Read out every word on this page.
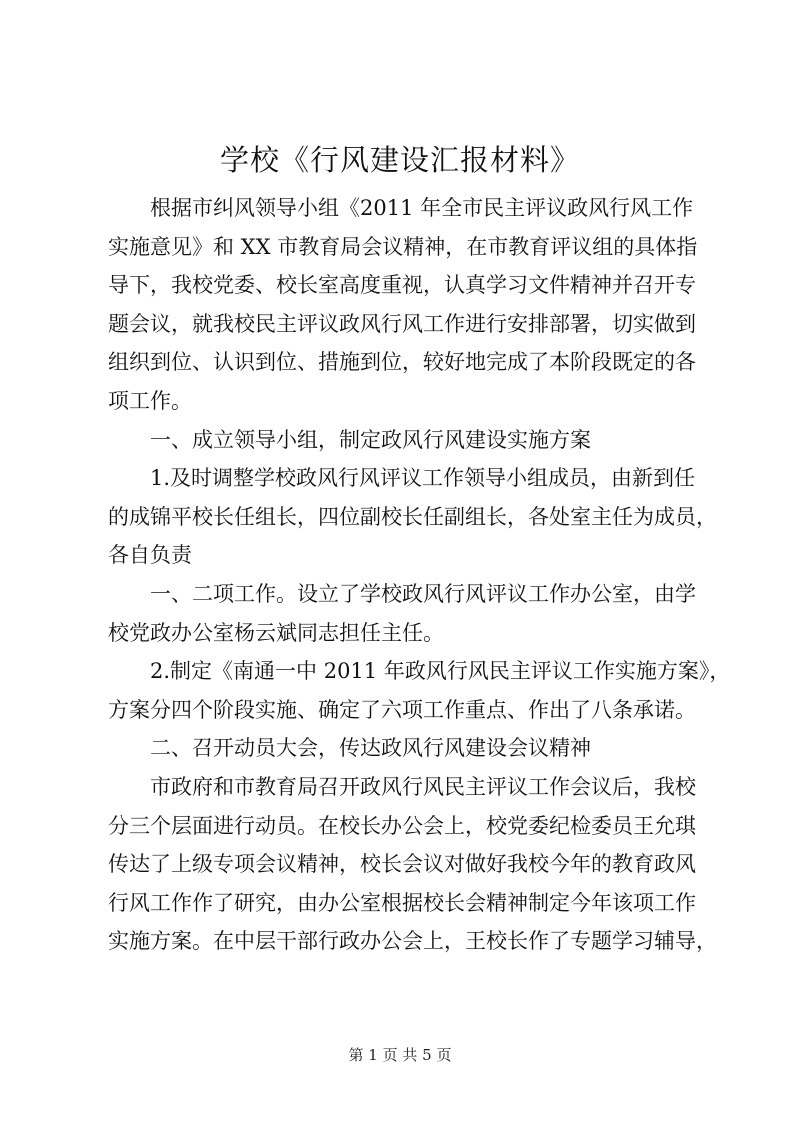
学校《行风建设汇报材料》
根据市纠风领导小组《2011 年全市民主评议政风行风工作
实施意见》和 XX 市教育局会议精神，在市教育评议组的具体指
导下，我校党委、校长室高度重视，认真学习文件精神并召开专
题会议，就我校民主评议政风行风工作进行安排部署，切实做到
组织到位、认识到位、措施到位，较好地完成了本阶段既定的各
项工作。
一、成立领导小组，制定政风行风建设实施方案
1.及时调整学校政风行风评议工作领导小组成员，由新到任
的成锦平校长任组长，四位副校长任副组长，各处室主任为成员，
各自负责
一、二项工作。设立了学校政风行风评议工作办公室，由学
校党政办公室杨云斌同志担任主任。
2.制定《南通一中 2011 年政风行风民主评议工作实施方案》，
方案分四个阶段实施、确定了六项工作重点、作出了八条承诺。
二、召开动员大会，传达政风行风建设会议精神
市政府和市教育局召开政风行风民主评议工作会议后，我校
分三个层面进行动员。在校长办公会上，校党委纪检委员王允琪
传达了上级专项会议精神，校长会议对做好我校今年的教育政风
行风工作作了研究，由办公室根据校长会精神制定今年该项工作
实施方案。在中层干部行政办公会上，王校长作了专题学习辅导，
第 1 页 共 5 页
